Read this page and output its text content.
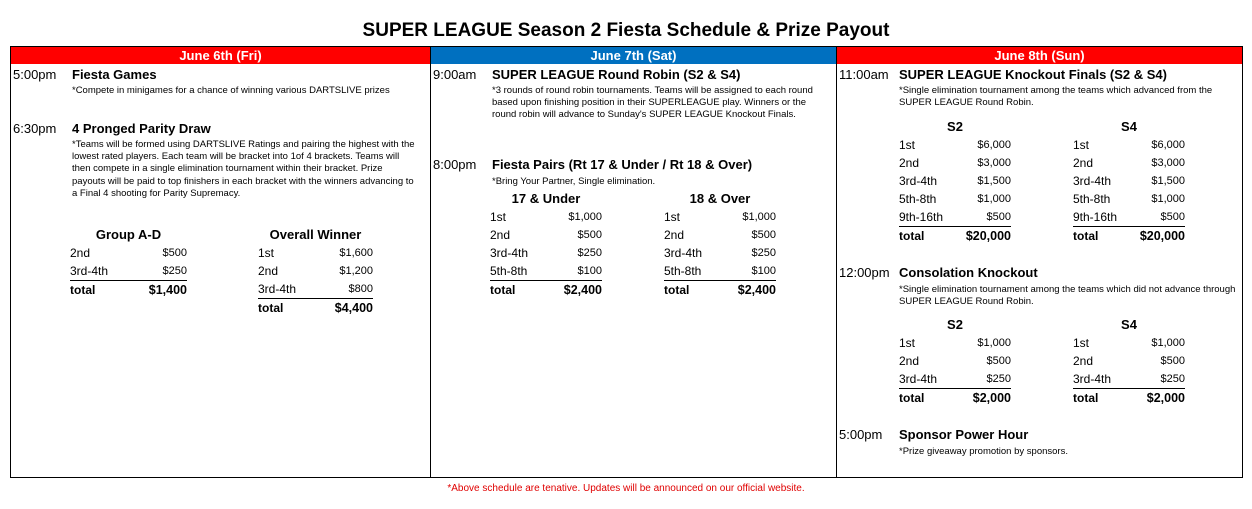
SUPER LEAGUE Season 2 Fiesta Schedule & Prize Payout
June 6th (Fri)
5:00pm Fiesta Games
*Compete in minigames for a chance of winning various DARTSLIVE prizes
6:30pm 4 Pronged Parity Draw
*Teams will be formed using DARTSLIVE Ratings and pairing the highest with the lowest rated players. Each team will be bracket into 1of 4 brackets. Teams will then compete in a single elimination tournament within their bracket. Prize payouts will be paid to top finishers in each bracket with the winners advancing to a Final 4 shooting for Parity Supremacy.
Group A-D
2nd	$500
3rd-4th	$250
total	$1,400
Overall Winner
1st	$1,600
2nd	$1,200
3rd-4th	$800
total	$4,400
June 7th (Sat)
9:00am SUPER LEAGUE Round Robin (S2 & S4)
*3 rounds of round robin tournaments. Teams will be assigned to each round based upon finishing position in their SUPERLEAGUE play. Winners or the round robin will advance to Sunday's SUPER LEAGUE Knockout Finals.
8:00pm Fiesta Pairs (Rt 17 & Under / Rt 18 & Over)
*Bring Your Partner, Single elimination.
17 & Under
1st	$1,000
2nd	$500
3rd-4th	$250
5th-8th	$100
total	$2,400
18 & Over
1st	$1,000
2nd	$500
3rd-4th	$250
5th-8th	$100
total	$2,400
June 8th (Sun)
11:00am SUPER LEAGUE Knockout Finals (S2 & S4)
*Single elimination tournament among the teams which advanced from the SUPER LEAGUE Round Robin.
S2
1st	$6,000
2nd	$3,000
3rd-4th	$1,500
5th-8th	$1,000
9th-16th	$500
total	$20,000
S4
1st	$6,000
2nd	$3,000
3rd-4th	$1,500
5th-8th	$1,000
9th-16th	$500
total	$20,000
12:00pm Consolation Knockout
*Single elimination tournament among the teams which did not advance through SUPER LEAGUE Round Robin.
S2
1st	$1,000
2nd	$500
3rd-4th	$250
total	$2,000
S4
1st	$1,000
2nd	$500
3rd-4th	$250
total	$2,000
5:00pm Sponsor Power Hour
*Prize giveaway promotion by sponsors.
*Above schedule are tenative. Updates will be announced on our official website.
